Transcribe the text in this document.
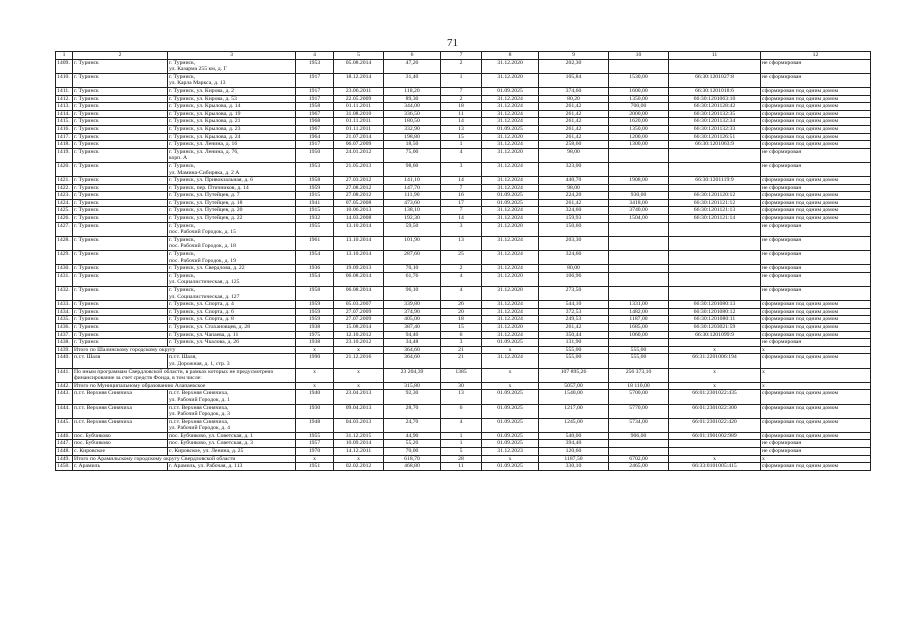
71
1	2	3	4	5	6	7	8	9	10	11	12
1409.	г. Туринск	г. Туринск,
ул. Казарма 255 км, д. Г	1953	05.08.2014	47,20	2	31.12.2020	202,30			не сформирован
1410.	г. Туринск	г. Туринск,
ул. Карла Маркса, д. 13	1917	18.12.2014	31,40	1	31.12.2020	105,84	1530,00	66:30:1201027:8	не сформирован
1411.	г. Туринск	г. Туринск, ул. Кирова, д. 2	1917	23.06.2011	118,20	7	01.09.2025	374,60	1600,00	66:30:1201018:6	сформирован под одним домом
1412.	г. Туринск	г. Туринск, ул. Кирова, д. 53	1917	22.05.2009	89,30	2	31.12.2024	80,20	1350,00	66:30:1201063:10	сформирован под одним домом
1413.	г. Туринск	г. Туринск, ул. Крылова, д. 14	1958	01.11.2011	344,00	18	31.12.2024	261,42	700,00	66:30:1201128:42	сформирован под одним домом
1414.	г. Туринск	г. Туринск, ул. Крылова, д. 19	1967	31.08.2010	336,50	11	31.12.2024	261,42	2000,00	66:30:1201132:35	сформирован под одним домом
1415.	г. Туринск	г. Туринск, ул. Крылова, д. 21	1968	01.11.2011	180,50	14	31.12.2024	261,42	1620,00	66:30:1201132:34	сформирован под одним домом
1416.	г. Туринск	г. Туринск, ул. Крылова, д. 23	1967	01.11.2011	332,90	13	01.09.2025	261,42	1350,00	66:30:1201132:33	сформирован под одним домом
1417.	г. Туринск	г. Туринск, ул. Крылова, д. 24	1964	21.07.2014	198,80	15	31.12.2020	261,42	1200,00	66:30:1201126:51	сформирован под одним домом
1418.	г. Туринск	г. Туринск, ул. Ленина, д. 16	1917	06.07.2009	18,50	1	31.12.2024	258,60	1300,00	66:30:1201063:9	сформирован под одним домом
1419.	г. Туринск	г. Туринск, ул. Ленина, д. 76,
корп. А	1950	24.01.2012	75,00	4	31.12.2020	98,00			не сформирован
1420.	г. Туринск	г. Туринск,
ул. Мамина-Сибиряка, д. 2 А	1953	21.05.2013	98,60	3	31.12.2024	323,00			не сформирован
1421.	г. Туринск	г. Туринск, ул. Привокзальная, д. 6	1958	27.03.2012	141,10	14	31.12.2024	440,70	1908,00	66:30:1201119:9	сформирован под одним домом
1422.	г. Туринск	г. Туринск, пер. Птичников, д. 14	1959	27.08.2012	147,70	7	31.12.2024	98,00			не сформирован
1423.	г. Туринск	г. Туринск, ул. Путейцев, д. 7	1915	27.08.2012	111,90	16	01.09.2025	224,20	930,00	66:30:1201120:12	сформирован под одним домом
1424.	г. Туринск	г. Туринск, ул. Путейцев, д. 18	1941	07.05.2008	473,60	17	01.09.2025	261,42	3418,00	66:30:1201121:12	сформирован под одним домом
1425.	г. Туринск	г. Туринск, ул. Путейцев, д. 20	1915	10.06.2013	138,10	7	31.12.2024	324,60	3740,00	66:30:1201121:13	сформирован под одним домом
1426.	г. Туринск	г. Туринск, ул. Путейцев, д. 22	1932	14.03.2008	192,30	14	31.12.2024	159,93	1504,00	66:30:1201121:14	сформирован под одним домом
1427.	г. Туринск	г. Туринск,
пос. Рабочий Городок, д. 15	1955	13.10.2014	59,50	3	31.12.2020	150,60			не сформирован
1428.	г. Туринск	г. Туринск,
пос. Рабочий Городок, д. 18	1961	13.10.2014	101,90	13	31.12.2024	203,30			не сформирован
1429.	г. Туринск	г. Туринск,
пос. Рабочий Городок, д. 19	1954	13.10.2014	287,60	25	31.12.2024	324,60			не сформирован
1430.	г. Туринск	г. Туринск, ул. Свердлова, д. 22	1936	19.09.2013	70,10	2	31.12.2024	80,00			не сформирован
1431.	г. Туринск	г. Туринск,
ул. Социалистическая, д. 125	1954	06.08.2014	61,76	4	31.12.2020	106,96			не сформирован
1432.	г. Туринск	г. Туринск,
ул. Социалистическая, д. 127	1958	06.08.2014	96,10	4	31.12.2020	273,50			не сформирован
1433.	г. Туринск	г. Туринск, ул. Спорта, д. 4	1959	05.03.2007	339,80	26	31.12.2024	544,10	1331,00	66:30:1201080:13	сформирован под одним домом
1434.	г. Туринск	г. Туринск, ул. Спорта, д. 6	1959	27.07.2009	374,90	20	31.12.2024	372,53	1482,00	66:30:1201080:12	сформирован под одним домом
1435.	г. Туринск	г. Туринск, ул. Спорта, д. 8	1959	27.07.2009	405,00	18	31.12.2024	249,53	1187,00	66:30:1201080:11	сформирован под одним домом
1436.	г. Туринск	г. Туринск, ул. Стахановцев, д. 28	1938	15.08.2014	387,40	15	31.12.2020	261,42	1685,00	66:30:1203021:59	сформирован под одним домом
1437.	г. Туринск	г. Туринск, ул. Чапаева, д. 11	1975	12.10.2012	94,40	6	31.12.2024	350,44	1060,00	66:30:1201099:9	сформирован под одним домом
1438.	г. Туринск	г. Туринск, ул. Чкалова, д. 26	1938	23.10.2012	34,48	3	01.09.2025	131,90			не сформирован
1439.	Итого по Шалинскому городскому округу		x	x	364,60	21	x	555,00	555,00	x	x
1440.	п.г.т. Шаля	п.г.т. Шаля,
ул. Дорожная, д. 1, стр. 3	1990	21.12.2016	364,60	21	31.12.2024	555,00	555,00	66:31:2201006:194	сформирован под одним домом
1441.	По иным программам Свердловской области, в рамках которых не предусмотрено финансирование за счет средств Фонда, в том числе:		x	x	23 204,39	1385	x	107 895,26	256 373,10	x	x
1442.	Итого по Муниципальному образованию Алапаевское		x	x	315,80	30	x	5057,00	18 110,00	x	x
1443.	п.г.т. Верхняя Синячиха	п.г.т. Верхняя Синячиха,
ул. Рабочий Городок, д. 1	1940	23.04.2013	92,30	13	01.09.2025	1540,00	5700,00	66:01:2301022:435	сформирован под одним домом
1444.	п.г.т. Верхняя Синячиха	п.г.т. Верхняя Синячиха,
ул. Рабочий Городок, д. 3	1930	09.04.2013	28,70	6	01.09.2025	1217,00	5770,00	66:01:2301022:300	сформирован под одним домом
1445.	п.г.т. Верхняя Синячиха	п.г.т. Верхняя Синячиха,
ул. Рабочий Городок, д. 4	1948	04.03.2013	24,70	4	01.09.2025	1245,00	5734,00	66:01:2301022:420	сформирован под одним домом
1446.	пос. Бубчиково	пос. Бубчиково, ул. Советская, д. 1	1955	31.12.2015	44,90	1	01.09.2025	540,00	906,00	66:01:1901002:989	сформирован под одним домом
1447.	пос. Бубчиково	пос. Бубчиково, ул. Советская, д. 3	1957	10.09.2014	55,20	1	01.09.2025	394,40			не сформирован
1448.	с. Кировское	с. Кировское, ул. Ленина, д. 25	1970	14.12.2011	70,00	5	31.12.2023	120,60			не сформирован
1449.	Итого по Арамильскому городскому округу Свердловской области		x	x	618,70	28	x	1187,50	6702,00	x	x
1450.	г. Арамиль	г. Арамиль, ул. Рабочая, д. 113	1951	02.02.2012	468,80	11	01.09.2025	330,10	2465,00	66:33:0101005:415	сформирован под одним домом
